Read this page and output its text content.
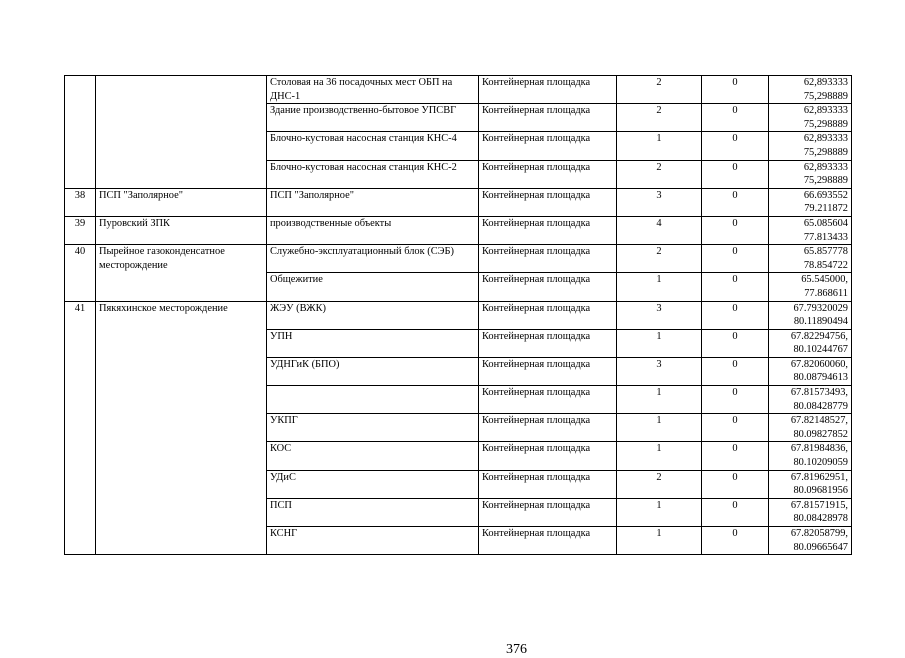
		Столовая на 36 посадочных мест ОБП на ДНС-1	Контейнерная площадка	2	0	62,893333
75,298889
		Здание производственно-бытовое УПСВГ	Контейнерная площадка	2	0	62,893333
75,298889
		Блочно-кустовая насосная станция КНС-4	Контейнерная площадка	1	0	62,893333
75,298889
		Блочно-кустовая насосная станция КНС-2	Контейнерная площадка	2	0	62,893333
75,298889
38	ПСП "Заполярное"	ПСП "Заполярное"	Контейнерная площадка	3	0	66.693552
79.211872
39	Пуровский ЗПК	производственные объекты	Контейнерная площадка	4	0	65.085604
77.813433
40	Пырейное газоконденсатное месторождение	Служебно-эксплуатационный блок (СЭБ)	Контейнерная площадка	2	0	65.857778
78.854722
		Общежитие	Контейнерная площадка	1	0	65.545000,
77.868611
41	Пякяхинское месторождение	ЖЭУ (ВЖК)	Контейнерная площадка	3	0	67.79320029
80.11890494
		УПН	Контейнерная площадка	1	0	67.82294756,
80.10244767
		УДНГиК (БПО)	Контейнерная площадка	3	0	67.82060060,
80.08794613
			Контейнерная площадка	1	0	67.81573493,
80.08428779
		УКПГ	Контейнерная площадка	1	0	67.82148527,
80.09827852
		КОС	Контейнерная площадка	1	0	67.81984836,
80.10209059
		УДиС	Контейнерная площадка	2	0	67.81962951,
80.09681956
		ПСП	Контейнерная площадка	1	0	67.81571915,
80.08428978
		КСНГ	Контейнерная площадка	1	0	67.82058799,
80.09665647
376
